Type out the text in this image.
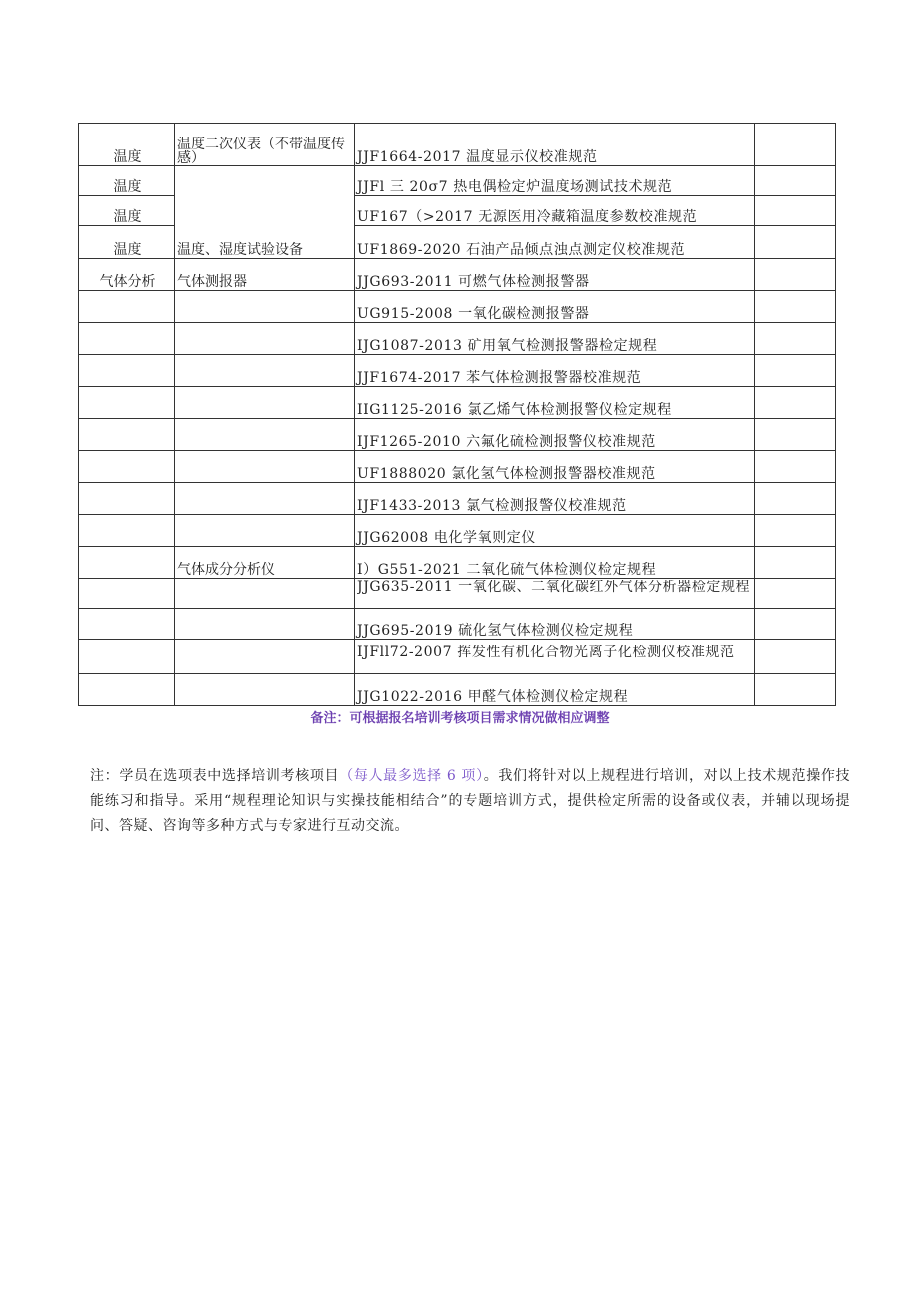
温度	温度二次仪表（不带温度传感）	JJF1664-2017 温度显示仪校准规范	
温度	温度、湿度试验设备	JJFl 三 20σ7 热电偶检定炉温度场测试技术规范	
温度		UF167（>2017 无源医用冷藏箱温度参数校准规范	
温度		UF1869-2020 石油产品倾点浊点测定仪校准规范	
气体分析	气体测报器	JJG693-2011 可燃气体检测报警器	
		UG915-2008 一氧化碳检测报警器	
		IJG1087-2013 矿用氧气检测报警器检定规程	
		JJF1674-2017 苯气体检测报警器校准规范	
		IIG1125-2016 氯乙烯气体检测报警仪检定规程	
		IJF1265-2010 六氟化硫检测报警仪校准规范	
		UF1888020 氯化氢气体检测报警器校准规范	
		IJF1433-2013 氯气检测报警仪校准规范	
		JJG62008 电化学氧则定仪	
	气体成分分析仪	I）G551-2021 二氧化硫气体检测仪检定规程	

		JJG635-2011 一氧化碳、二氧化碳红外气体分析器检定规程	

		JJG695-2019 硫化氢气体检测仪检定规程	

		IJFll72-2007 挥发性有机化合物光离子化检测仪校准规范	

		JJG1022-2016 甲醛气体检测仪检定规程	
备注：可根据报名培训考核项目需求情况做相应调整

注：学员在选项表中选择培训考核项目（每人最多选择 6 项）。我们将针对以上规程进行培训，对以上技术规范操作技能练习和指导。采用“规程理论知识与实操技能相结合”的专题培训方式，提供检定所需的设备或仪表，并辅以现场提问、答疑、咨询等多种方式与专家进行互动交流。
